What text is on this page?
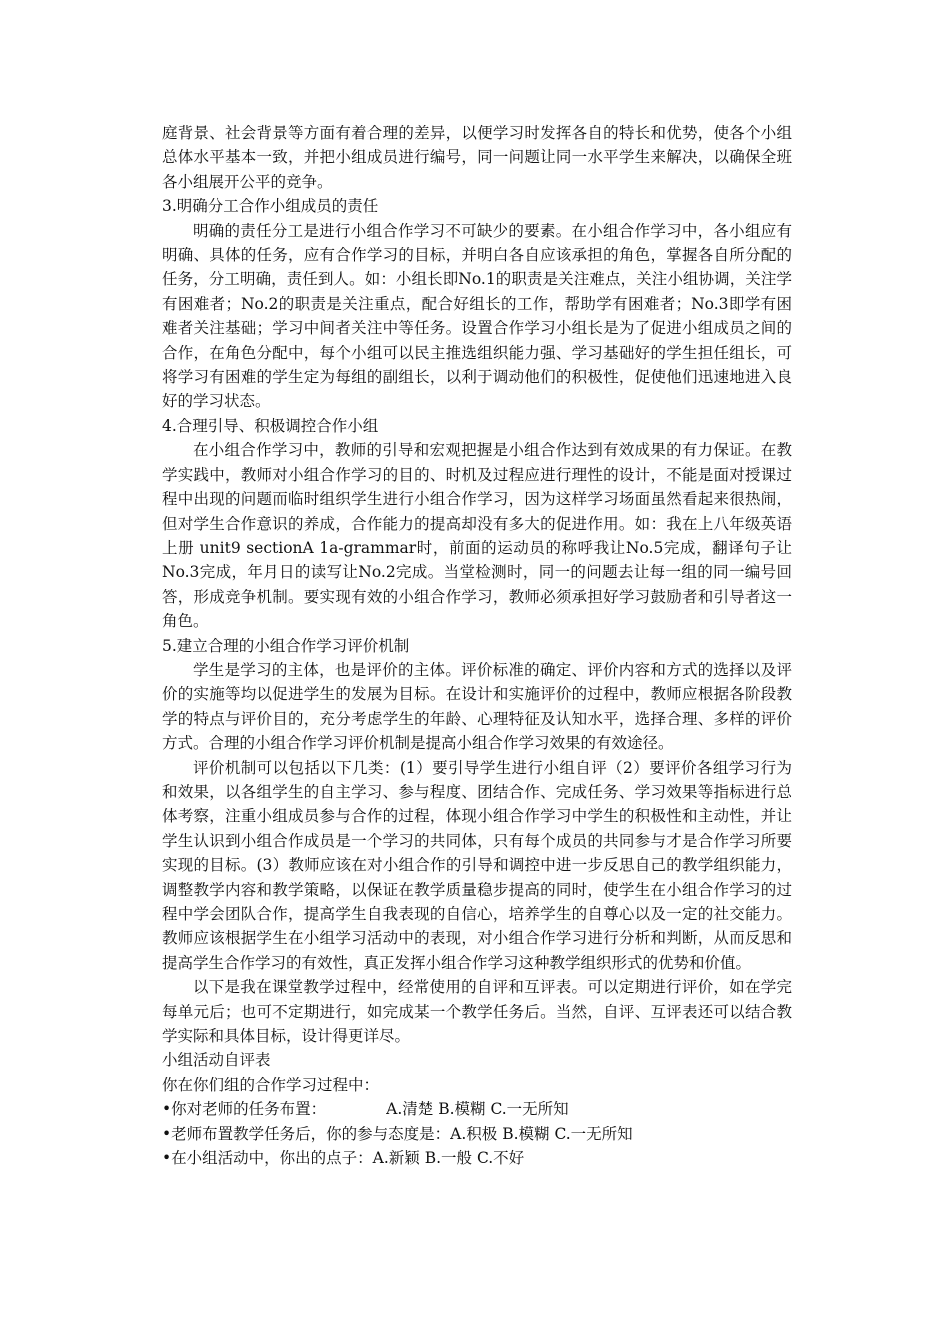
庭背景、社会背景等方面有着合理的差异，以便学习时发挥各自的特长和优势，使各个小组总体水平基本一致，并把小组成员进行编号，同一问题让同一水平学生来解决，以确保全班各小组展开公平的竞争。

3.明确分工合作小组成员的责任

明确的责任分工是进行小组合作学习不可缺少的要素。在小组合作学习中，各小组应有明确、具体的任务，应有合作学习的目标，并明白各自应该承担的角色，掌握各自所分配的任务，分工明确，责任到人。如：小组长即No.1的职责是关注难点，关注小组协调，关注学有困难者；No.2的职责是关注重点，配合好组长的工作，帮助学有困难者；No.3即学有困难者关注基础；学习中间者关注中等任务。设置合作学习小组长是为了促进小组成员之间的合作，在角色分配中，每个小组可以民主推选组织能力强、学习基础好的学生担任组长，可将学习有困难的学生定为每组的副组长，以利于调动他们的积极性，促使他们迅速地进入良好的学习状态。

4.合理引导、积极调控合作小组

在小组合作学习中，教师的引导和宏观把握是小组合作达到有效成果的有力保证。在教学实践中，教师对小组合作学习的目的、时机及过程应进行理性的设计，不能是面对授课过程中出现的问题而临时组织学生进行小组合作学习，因为这样学习场面虽然看起来很热闹，但对学生合作意识的养成，合作能力的提高却没有多大的促进作用。如：我在上八年级英语上册 unit9 sectionA 1a-grammar时，前面的运动员的称呼我让No.5完成，翻译句子让No.3完成，年月日的读写让No.2完成。当堂检测时，同一的问题去让每一组的同一编号回答，形成竞争机制。要实现有效的小组合作学习，教师必须承担好学习鼓励者和引导者这一角色。

5.建立合理的小组合作学习评价机制

学生是学习的主体，也是评价的主体。评价标准的确定、评价内容和方式的选择以及评价的实施等均以促进学生的发展为目标。在设计和实施评价的过程中，教师应根据各阶段教学的特点与评价目的，充分考虑学生的年龄、心理特征及认知水平，选择合理、多样的评价方式。合理的小组合作学习评价机制是提高小组合作学习效果的有效途径。

评价机制可以包括以下几类：(1）要引导学生进行小组自评（2）要评价各组学习行为和效果，以各组学生的自主学习、参与程度、团结合作、完成任务、学习效果等指标进行总体考察，注重小组成员参与合作的过程，体现小组合作学习中学生的积极性和主动性，并让学生认识到小组合作成员是一个学习的共同体，只有每个成员的共同参与才是合作学习所要实现的目标。(3）教师应该在对小组合作的引导和调控中进一步反思自己的教学组织能力，调整教学内容和教学策略，以保证在教学质量稳步提高的同时，使学生在小组合作学习的过程中学会团队合作，提高学生自我表现的自信心，培养学生的自尊心以及一定的社交能力。教师应该根据学生在小组学习活动中的表现，对小组合作学习进行分析和判断，从而反思和提高学生合作学习的有效性，真正发挥小组合作学习这种教学组织形式的优势和价值。

以下是我在课堂教学过程中，经常使用的自评和互评表。可以定期进行评价，如在学完每单元后；也可不定期进行，如完成某一个教学任务后。当然，自评、互评表还可以结合教学实际和具体目标，设计得更详尽。

小组活动自评表

你在你们组的合作学习过程中：

•你对老师的任务布置：	A.清楚 B.模糊 C.一无所知

•老师布置教学任务后，你的参与态度是：A.积极 B.模糊 C.一无所知

•在小组活动中，你出的点子：A.新颖 B.一般 C.不好
